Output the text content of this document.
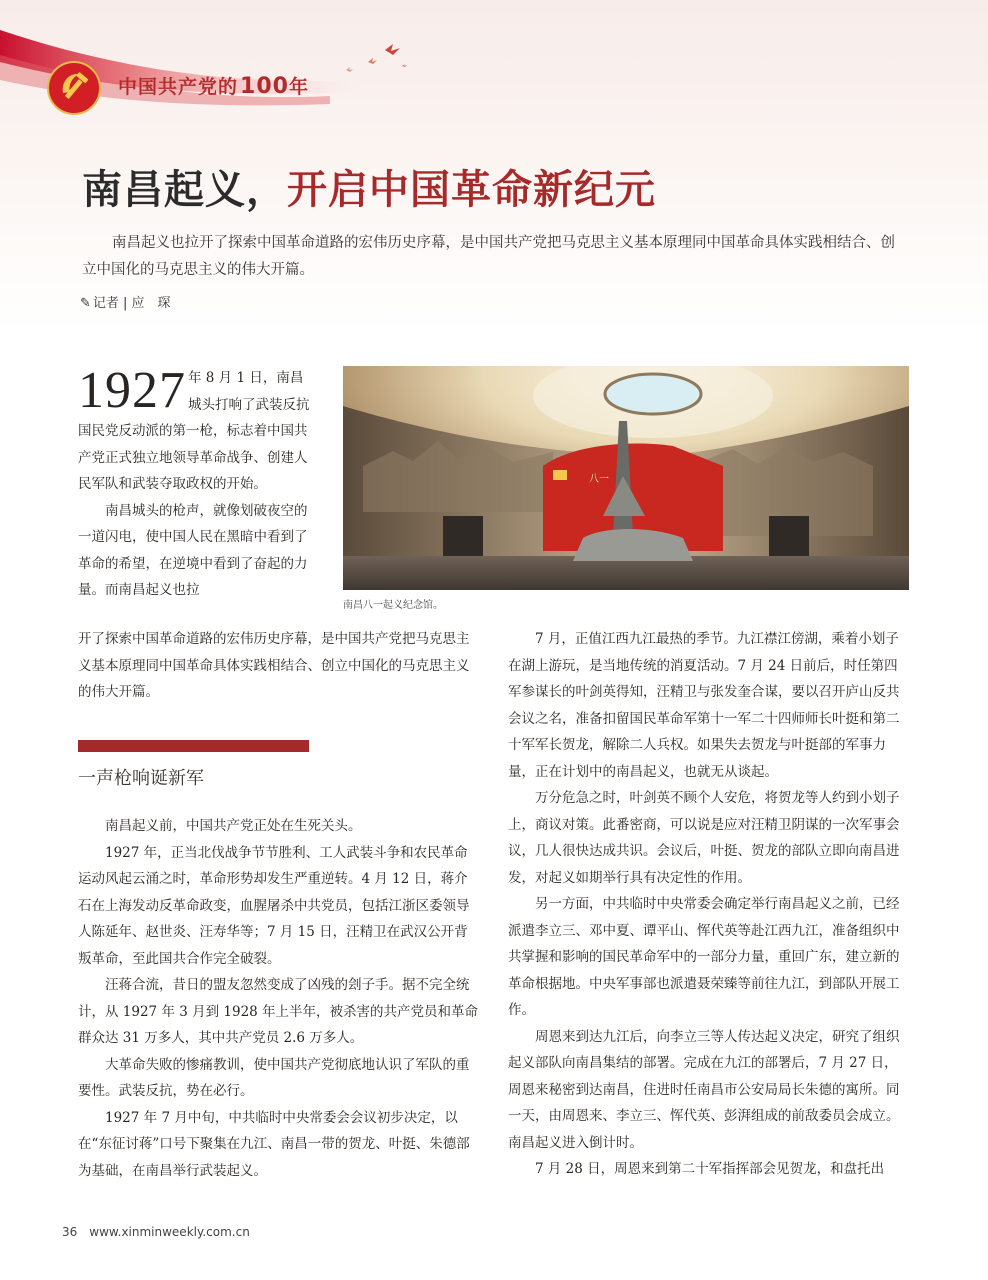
中国共产党的100年
南昌起义，开启中国革命新纪元

南昌起义也拉开了探索中国革命道路的宏伟历史序幕，是中国共产党把马克思主义基本原理同中国革命具体实践相结合、创立中国化的马克思主义的伟大开篇。

✎ 记者 | 应　琛

1927 年 8 月 1 日，南昌城头打响了武装反抗国民党反动派的第一枪，标志着中国共产党正式独立地领导革命战争、创建人民军队和武装夺取政权的开始。

南昌城头的枪声，就像划破夜空的一道闪电，使中国人民在黑暗中看到了革命的希望，在逆境中看到了奋起的力量。而南昌起义也拉

八一
南昌八一起义纪念馆。

开了探索中国革命道路的宏伟历史序幕，是中国共产党把马克思主义基本原理同中国革命具体实践相结合、创立中国化的马克思主义的伟大开篇。

一声枪响诞新军

南昌起义前，中国共产党正处在生死关头。

1927 年，正当北伐战争节节胜利、工人武装斗争和农民革命运动风起云涌之时，革命形势却发生严重逆转。4 月 12 日，蒋介石在上海发动反革命政变，血腥屠杀中共党员，包括江浙区委领导人陈延年、赵世炎、汪寿华等；7 月 15 日，汪精卫在武汉公开背叛革命，至此国共合作完全破裂。

汪蒋合流，昔日的盟友忽然变成了凶残的刽子手。据不完全统计，从 1927 年 3 月到 1928 年上半年，被杀害的共产党员和革命群众达 31 万多人，其中共产党员 2.6 万多人。

大革命失败的惨痛教训，使中国共产党彻底地认识了军队的重要性。武装反抗，势在必行。

1927 年 7 月中旬，中共临时中央常委会会议初步决定，以在“东征讨蒋”口号下聚集在九江、南昌一带的贺龙、叶挺、朱德部为基础，在南昌举行武装起义。

7 月，正值江西九江最热的季节。九江襟江傍湖，乘着小划子在湖上游玩，是当地传统的消夏活动。7 月 24 日前后，时任第四军参谋长的叶剑英得知，汪精卫与张发奎合谋，要以召开庐山反共会议之名，准备扣留国民革命军第十一军二十四师师长叶挺和第二十军军长贺龙，解除二人兵权。如果失去贺龙与叶挺部的军事力量，正在计划中的南昌起义，也就无从谈起。

万分危急之时，叶剑英不顾个人安危，将贺龙等人约到小划子上，商议对策。此番密商，可以说是应对汪精卫阴谋的一次军事会议，几人很快达成共识。会议后，叶挺、贺龙的部队立即向南昌进发，对起义如期举行具有决定性的作用。

另一方面，中共临时中央常委会确定举行南昌起义之前，已经派遣李立三、邓中夏、谭平山、恽代英等赴江西九江，准备组织中共掌握和影响的国民革命军中的一部分力量，重回广东，建立新的革命根据地。中央军事部也派遣聂荣臻等前往九江，到部队开展工作。

周恩来到达九江后，向李立三等人传达起义决定，研究了组织起义部队向南昌集结的部署。完成在九江的部署后，7 月 27 日，周恩来秘密到达南昌，住进时任南昌市公安局局长朱德的寓所。同一天，由周恩来、李立三、恽代英、彭湃组成的前敌委员会成立。南昌起义进入倒计时。

7 月 28 日，周恩来到第二十军指挥部会见贺龙，和盘托出

36 www.xinminweekly.com.cn
